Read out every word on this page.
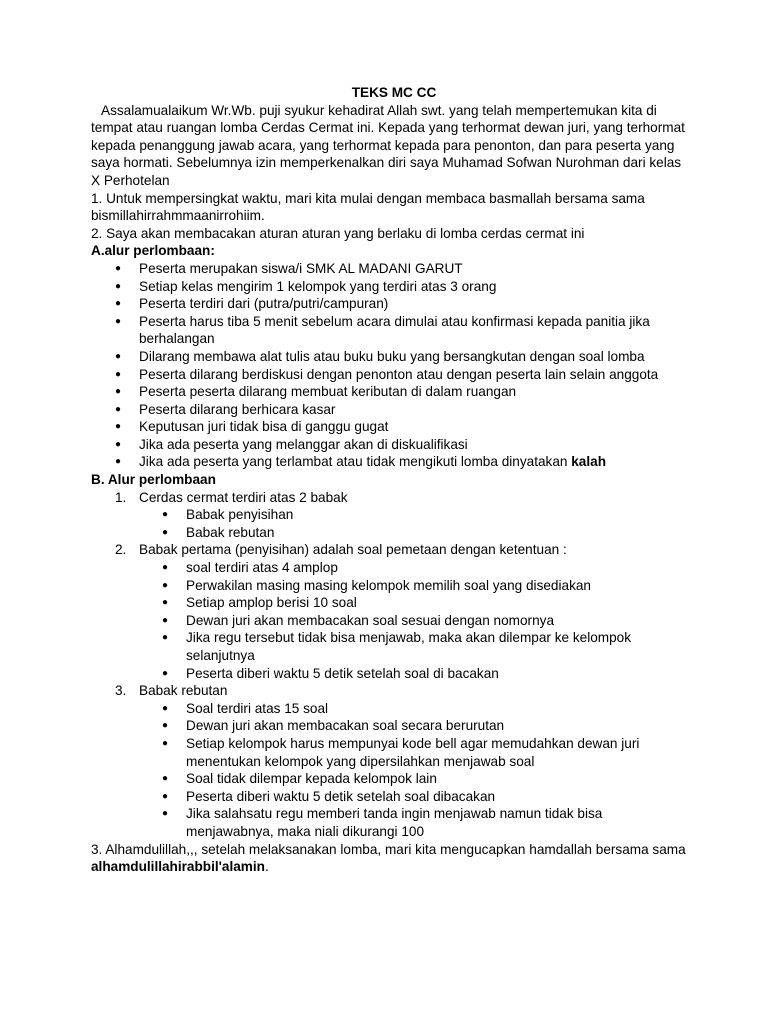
TEKS MC CC

Assalamualaikum Wr.Wb. puji syukur kehadirat Allah swt. yang telah mempertemukan kita di tempat atau ruangan lomba Cerdas Cermat ini. Kepada yang terhormat dewan juri, yang terhormat kepada penanggung jawab acara, yang terhormat kepada para penonton, dan para peserta yang saya hormati. Sebelumnya izin memperkenalkan diri saya Muhamad Sofwan Nurohman dari kelas X Perhotelan

1. Untuk mempersingkat waktu, mari kita mulai dengan membaca basmallah bersama sama bismillahirrahmmaanirrohiim.

2. Saya akan membacakan aturan aturan yang berlaku di lomba cerdas cermat ini

A.alur perlombaan:

● Peserta merupakan siswa/i SMK AL MADANI GARUT
● Setiap kelas mengirim 1 kelompok yang terdiri atas 3 orang
● Peserta terdiri dari (putra/putri/campuran)
● Peserta harus tiba 5 menit sebelum acara dimulai atau konfirmasi kepada panitia jika berhalangan
● Dilarang membawa alat tulis atau buku buku yang bersangkutan dengan soal lomba
● Peserta dilarang berdiskusi dengan penonton atau dengan peserta lain selain anggota
● Peserta peserta dilarang membuat keributan di dalam ruangan
● Peserta dilarang berhicara kasar
● Keputusan juri tidak bisa di ganggu gugat
● Jika ada peserta yang melanggar akan di diskualifikasi
● Jika ada peserta yang terlambat atau tidak mengikuti lomba dinyatakan kalah

B. Alur perlombaan

1. Cerdas cermat terdiri atas 2 babak
● Babak penyisihan
● Babak rebutan
2. Babak pertama (penyisihan) adalah soal pemetaan dengan ketentuan :
● soal terdiri atas 4 amplop
● Perwakilan masing masing kelompok memilih soal yang disediakan
● Setiap amplop berisi 10 soal
● Dewan juri akan membacakan soal sesuai dengan nomornya
● Jika regu tersebut tidak bisa menjawab, maka akan dilempar ke kelompok selanjutnya
● Peserta diberi waktu 5 detik setelah soal di bacakan
3. Babak rebutan
● Soal terdiri atas 15 soal
● Dewan juri akan membacakan soal secara berurutan
● Setiap kelompok harus mempunyai kode bell agar memudahkan dewan juri menentukan kelompok yang dipersilahkan menjawab soal
● Soal tidak dilempar kepada kelompok lain
● Peserta diberi waktu 5 detik setelah soal dibacakan
● Jika salahsatu regu memberi tanda ingin menjawab namun tidak bisa menjawabnya, maka niali dikurangi 100

3. Alhamdulillah,,, setelah melaksanakan lomba, mari kita mengucapkan hamdallah bersama sama alhamdulillahirabbil'alamin.
